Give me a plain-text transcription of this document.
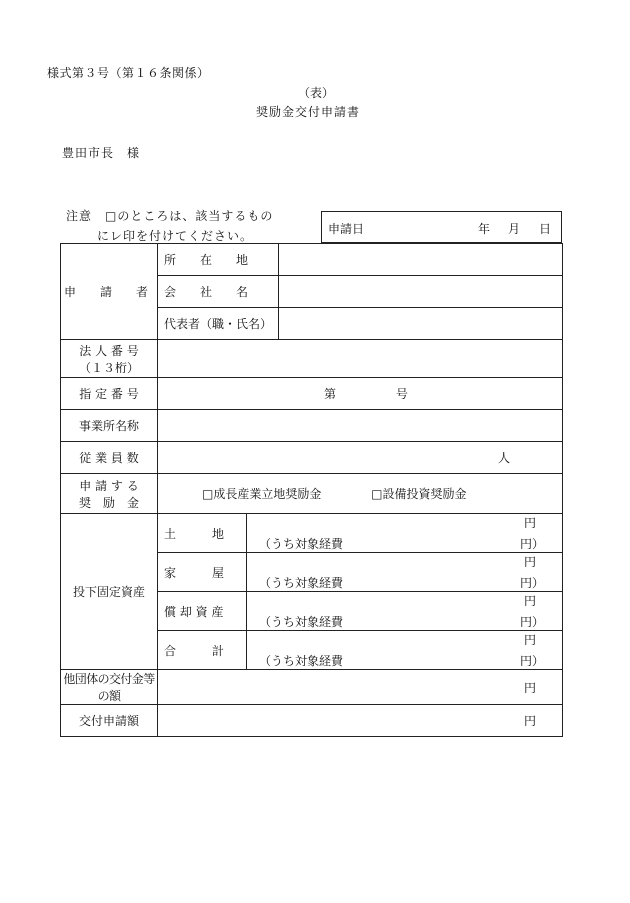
様式第３号（第１６条関係）
（表）
奨励金交付申請書
豊田市長　様
注意　□のところは、該当するもの
にレ印を付けてください。	申請日	年 月 日
申　請　者	所　　在　　地		
	会　　社　　名		
	代表者（職・氏名）		

法 人 番 号
（１３桁）			

指 定 番 号	第 号		
事業所名称			
従 業 員 数	人		

申 請 す る
奨　励　金	□成長産業立地奨励金 □設備投資奨励金		
投下固定資産	土　　　地	円
（うち対象経費 円）	

	家　　　屋	円
（うち対象経費 円）	

	償 却 資 産	円
（うち対象経費 円）	

	合　　　計	円
（うち対象経費 円）	

他団体の交付金等の額	円		
交付申請額	円		
